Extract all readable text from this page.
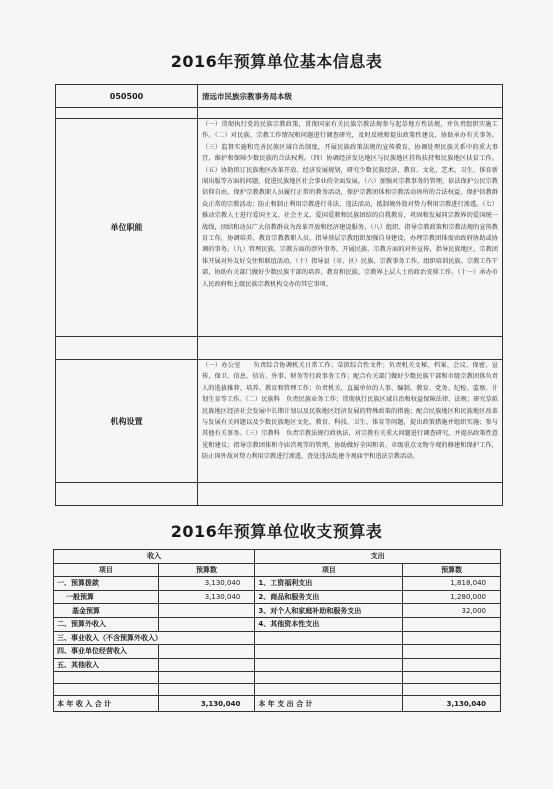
2016年预算单位基本信息表
050500	清远市民族宗教事务局本级

单位职能	（一）贯彻执行党的民族宗教政策，贯彻国家有关民族宗教法规参与起草地方性法规，并负责组织实施工作。（二）对民族、宗教工作情况和问题进行调查研究，及时反映和提出政策性建议，协助承办有关事务。（三）监督实施和完善民族区域自治制度，开展民族政策法规的宣传教育，协调处理民族关系中的重大事宜，维护和保障少数民族的合法权利。（四）协调经济发达地区与民族地区挂钩扶持和民族地区扶贫工作。（五）协助拟订民族地区改革开放、经济发展规划，研究少数民族经济、教育、文化、艺术、卫生、体育新闻出版等方面的问题，促进民族地区社会事业的全面发展。（六）加强对宗教事务的管理，依法保护公民宗教信仰自由，保护宗教教职人员履行正常的教务活动，保护宗教团体和宗教活动场所的合法权益，保护信教群众正常的宗教活动；防止和制止利用宗教进行非法、违法活动，抵制境外敌对势力利用宗教进行渗透。（七）推动宗教人士进行爱国主义、社会主义、爱国爱教和民族团结的自我教育，巩固和发展同宗教界的爱国统一战线，团结和动员广大信教群众为改革开放和经济建设服务。（八）组织、指导宗教政策和宗教法规的宣传教育工作，协调培养、教育宗教教职人员，指导基层宗教组织加强自身建设，办理宗教团体需由政府协助或协调的事务。（九）管理民族、宗教方面的涉外事务，开展民族、宗教方面的对外宣传，指导民族地区、宗教团体开展对外友好交往和联谊活动。（十）指导县（市、区）民族、宗教事务工作，组织培训民族、宗教工作干部，协助有关部门做好少数民族干部的培养、教育和民族、宗教界上层人士的政治安排工作。（十一）承办市人民政府和上级民族宗教机构交办的其它事项。

机构设置	（一）办公室　　负责综合协调机关日常工作；草拟综合性文件；负责机关文秘、档案、会议、保密、宣传、保卫、信息、信访、外事、财务等行政事务工作；配合有关部门做好少数民族干部和市级宗教团体负责人的选拔推荐、培养、教育和管理工作；负责机关、直属单位的人事、编制、教育、党务、纪检、监察、计划生育等工作。（二）民族科　负责民族业务工作；贯彻执行民族区域自治和权益保障法律、法规；研究草拟民族地区经济社会发展中长期计划以及民族地区经济发展的特殊政策的措施；配合民族地区和民族地区改革与发展有关问题以及少数民族地区文化、教育、科技、卫生、体育等问题，提出政策措施并组织实施；参与其他有关事务。（三）宗教科　负责宗教法规行政执法，对宗教有关重大问题进行调查研究，并提出政策性意见和建议；指导宗教团体和寺庙宫观等的管理，协助做好全国和省、市级重点文物寺观的修建和保护工作，防止国外敌对势力利用宗教进行渗透，查处违法乱建寺观庙宇和违法宗教活动。

2016年预算单位收支预算表
收入		支出	
项目	预算数	项目	预算数
一、预算拨款	3,130,040	1、工资福利支出	1,818,040
一般预算	3,130,040	2、商品和服务支出	1,280,000
基金预算		3、对个人和家庭补助和服务支出	32,000
二、预算外收入		4、其他资本性支出	
三、事业收入（不含预算外收入）			
四、事业单位经营收入			
五、其他收入			

本 年 收 入 合 计	3,130,040	本 年 支 出 合 计	3,130,040
